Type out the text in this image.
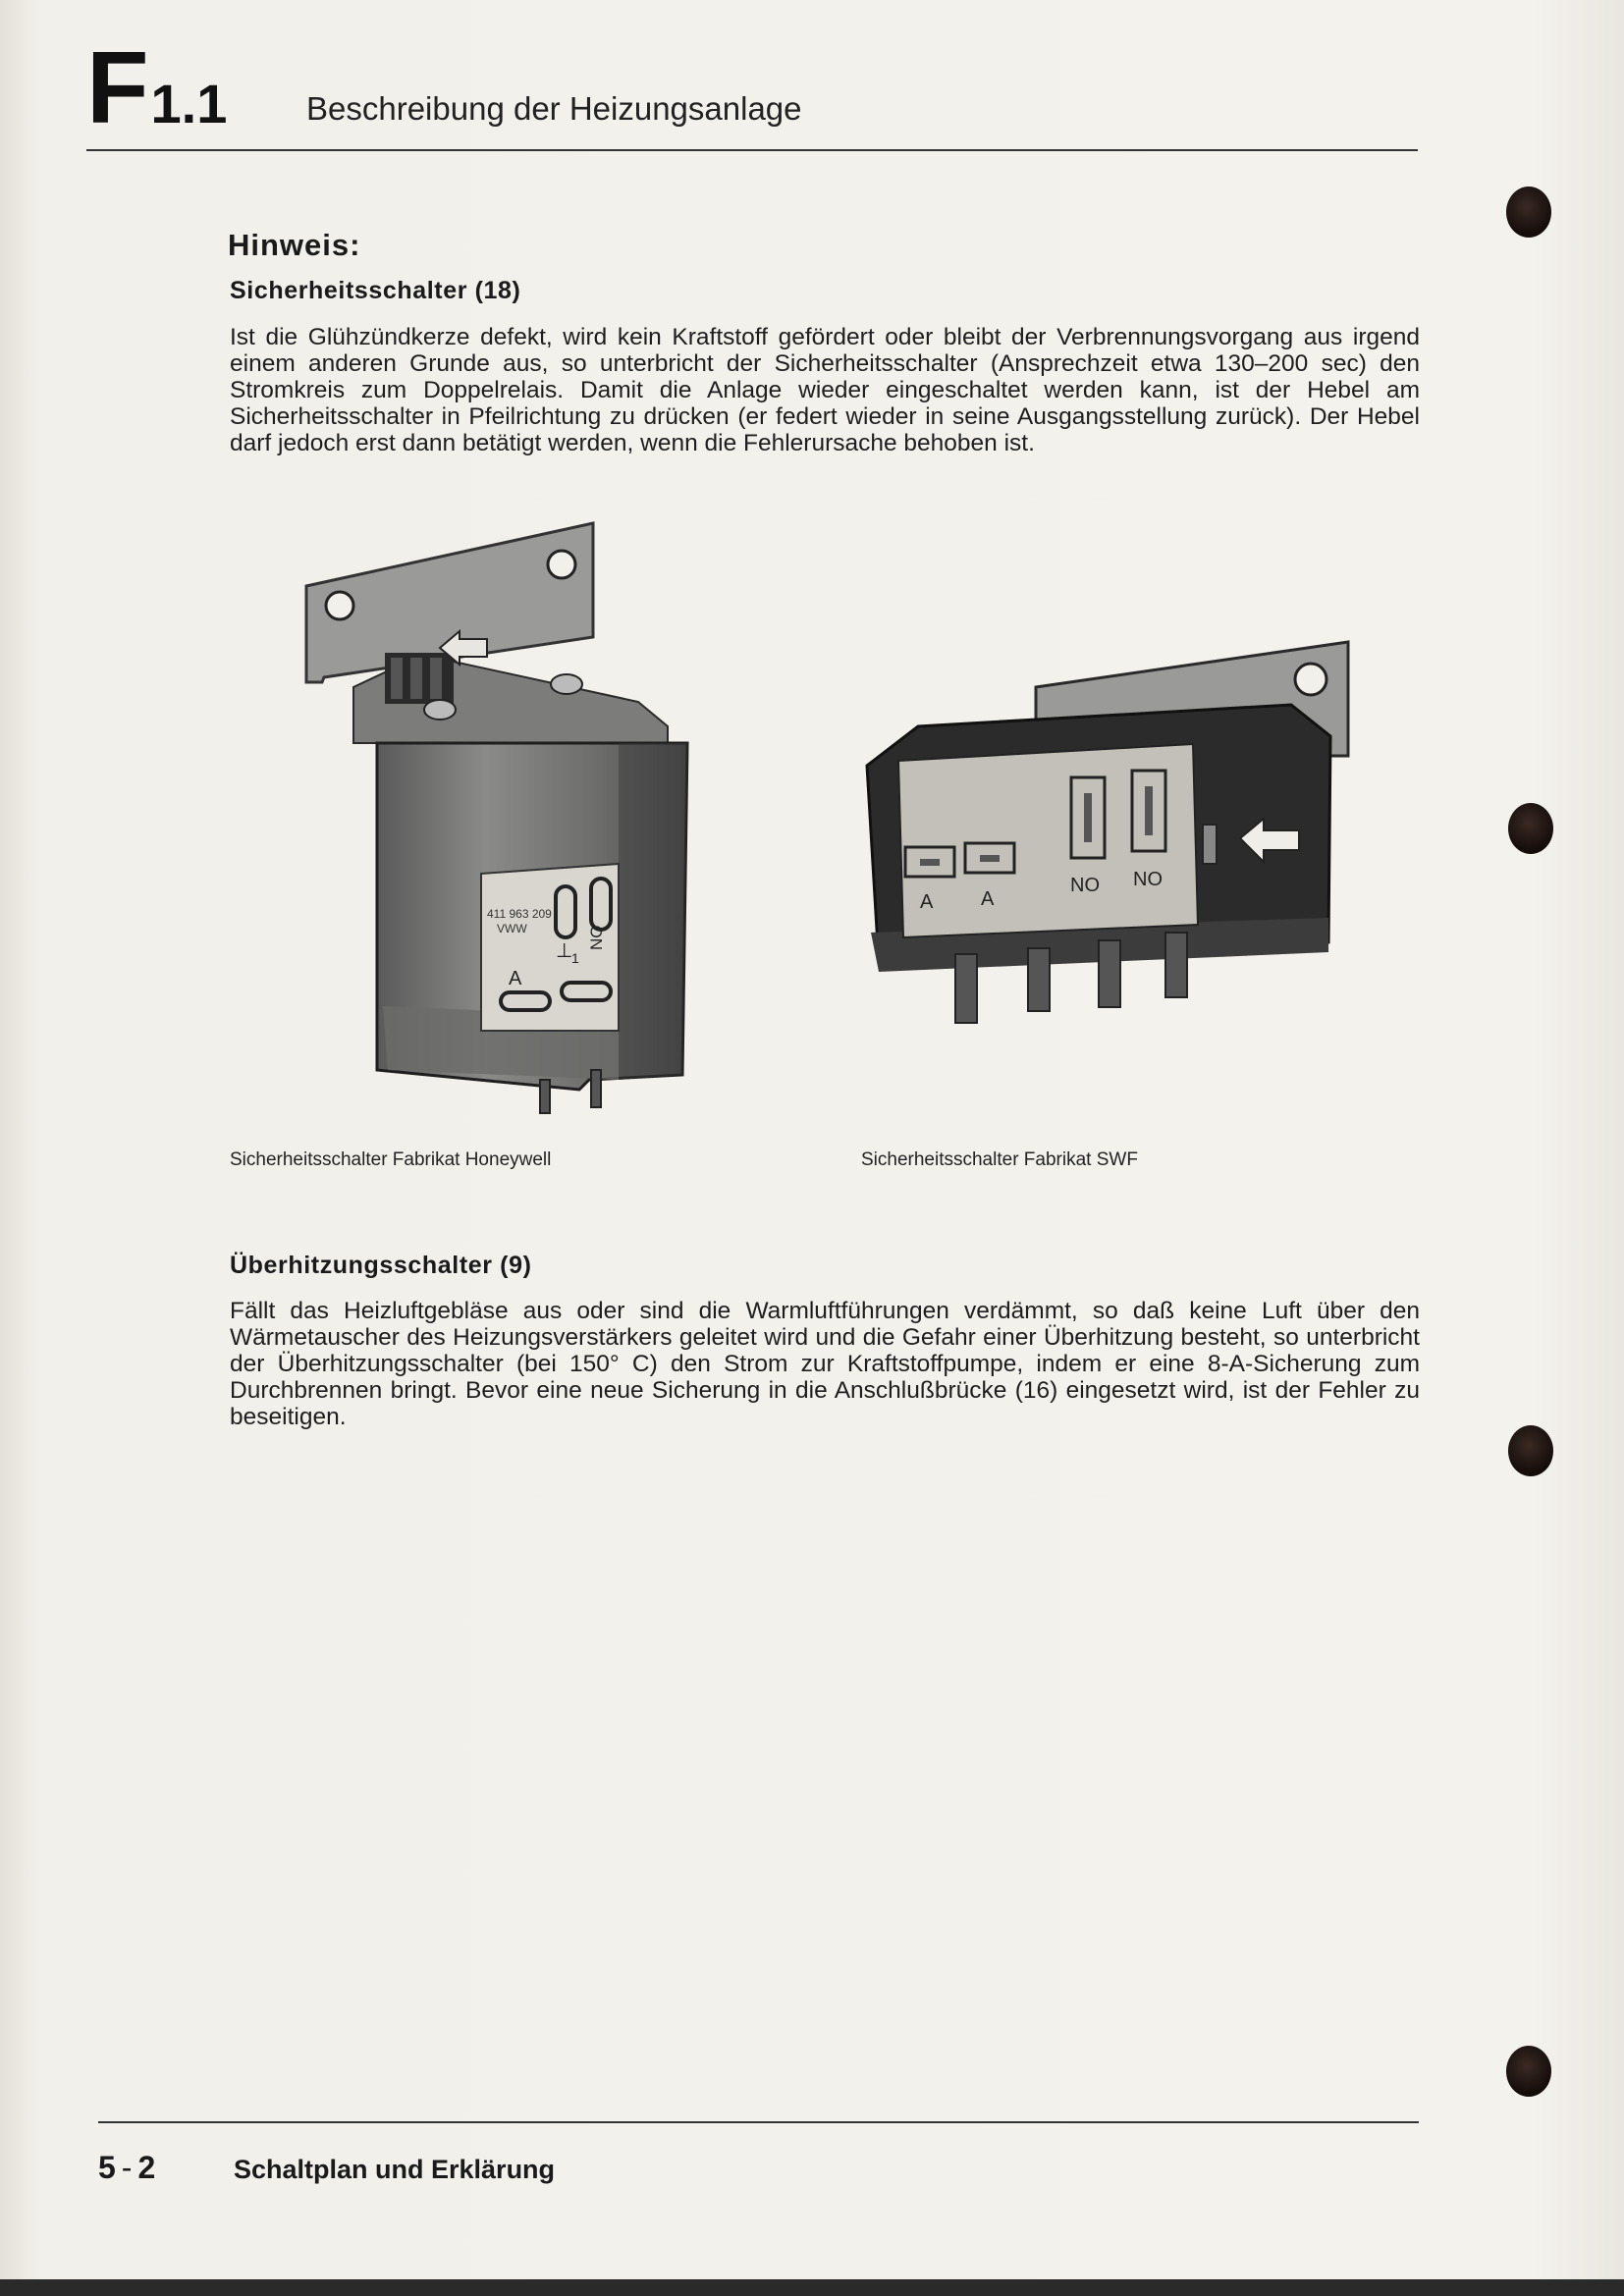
F1.1 Beschreibung der Heizungsanlage
Hinweis:
Sicherheitsschalter (18)
Ist die Glühzündkerze defekt, wird kein Kraftstoff gefördert oder bleibt der Verbrennungsvorgang aus irgend einem anderen Grunde aus, so unterbricht der Sicherheitsschalter (Ansprechzeit etwa 130–200 sec) den Stromkreis zum Doppelrelais. Damit die Anlage wieder eingeschaltet werden kann, ist der Hebel am Sicherheitsschalter in Pfeilrichtung zu drücken (er federt wieder in seine Ausgangsstellung zurück). Der Hebel darf jedoch erst dann betätigt werden, wenn die Fehlerursache behoben ist.
411 963 209
VWW	NO
⊥
1
A
A A
NO NO
Sicherheitsschalter Fabrikat Honeywell	Sicherheitsschalter Fabrikat SWF
Überhitzungsschalter (9)
Fällt das Heizluftgebläse aus oder sind die Warmluftführungen verdämmt, so daß keine Luft über den Wärmetauscher des Heizungsverstärkers geleitet wird und die Gefahr einer Überhitzung besteht, so unterbricht der Überhitzungsschalter (bei 150° C) den Strom zur Kraftstoffpumpe, indem er eine 8-A-Sicherung zum Durchbrennen bringt. Bevor eine neue Sicherung in die Anschlußbrücke (16) eingesetzt wird, ist der Fehler zu beseitigen.
5 - 2	Schaltplan und Erklärung
